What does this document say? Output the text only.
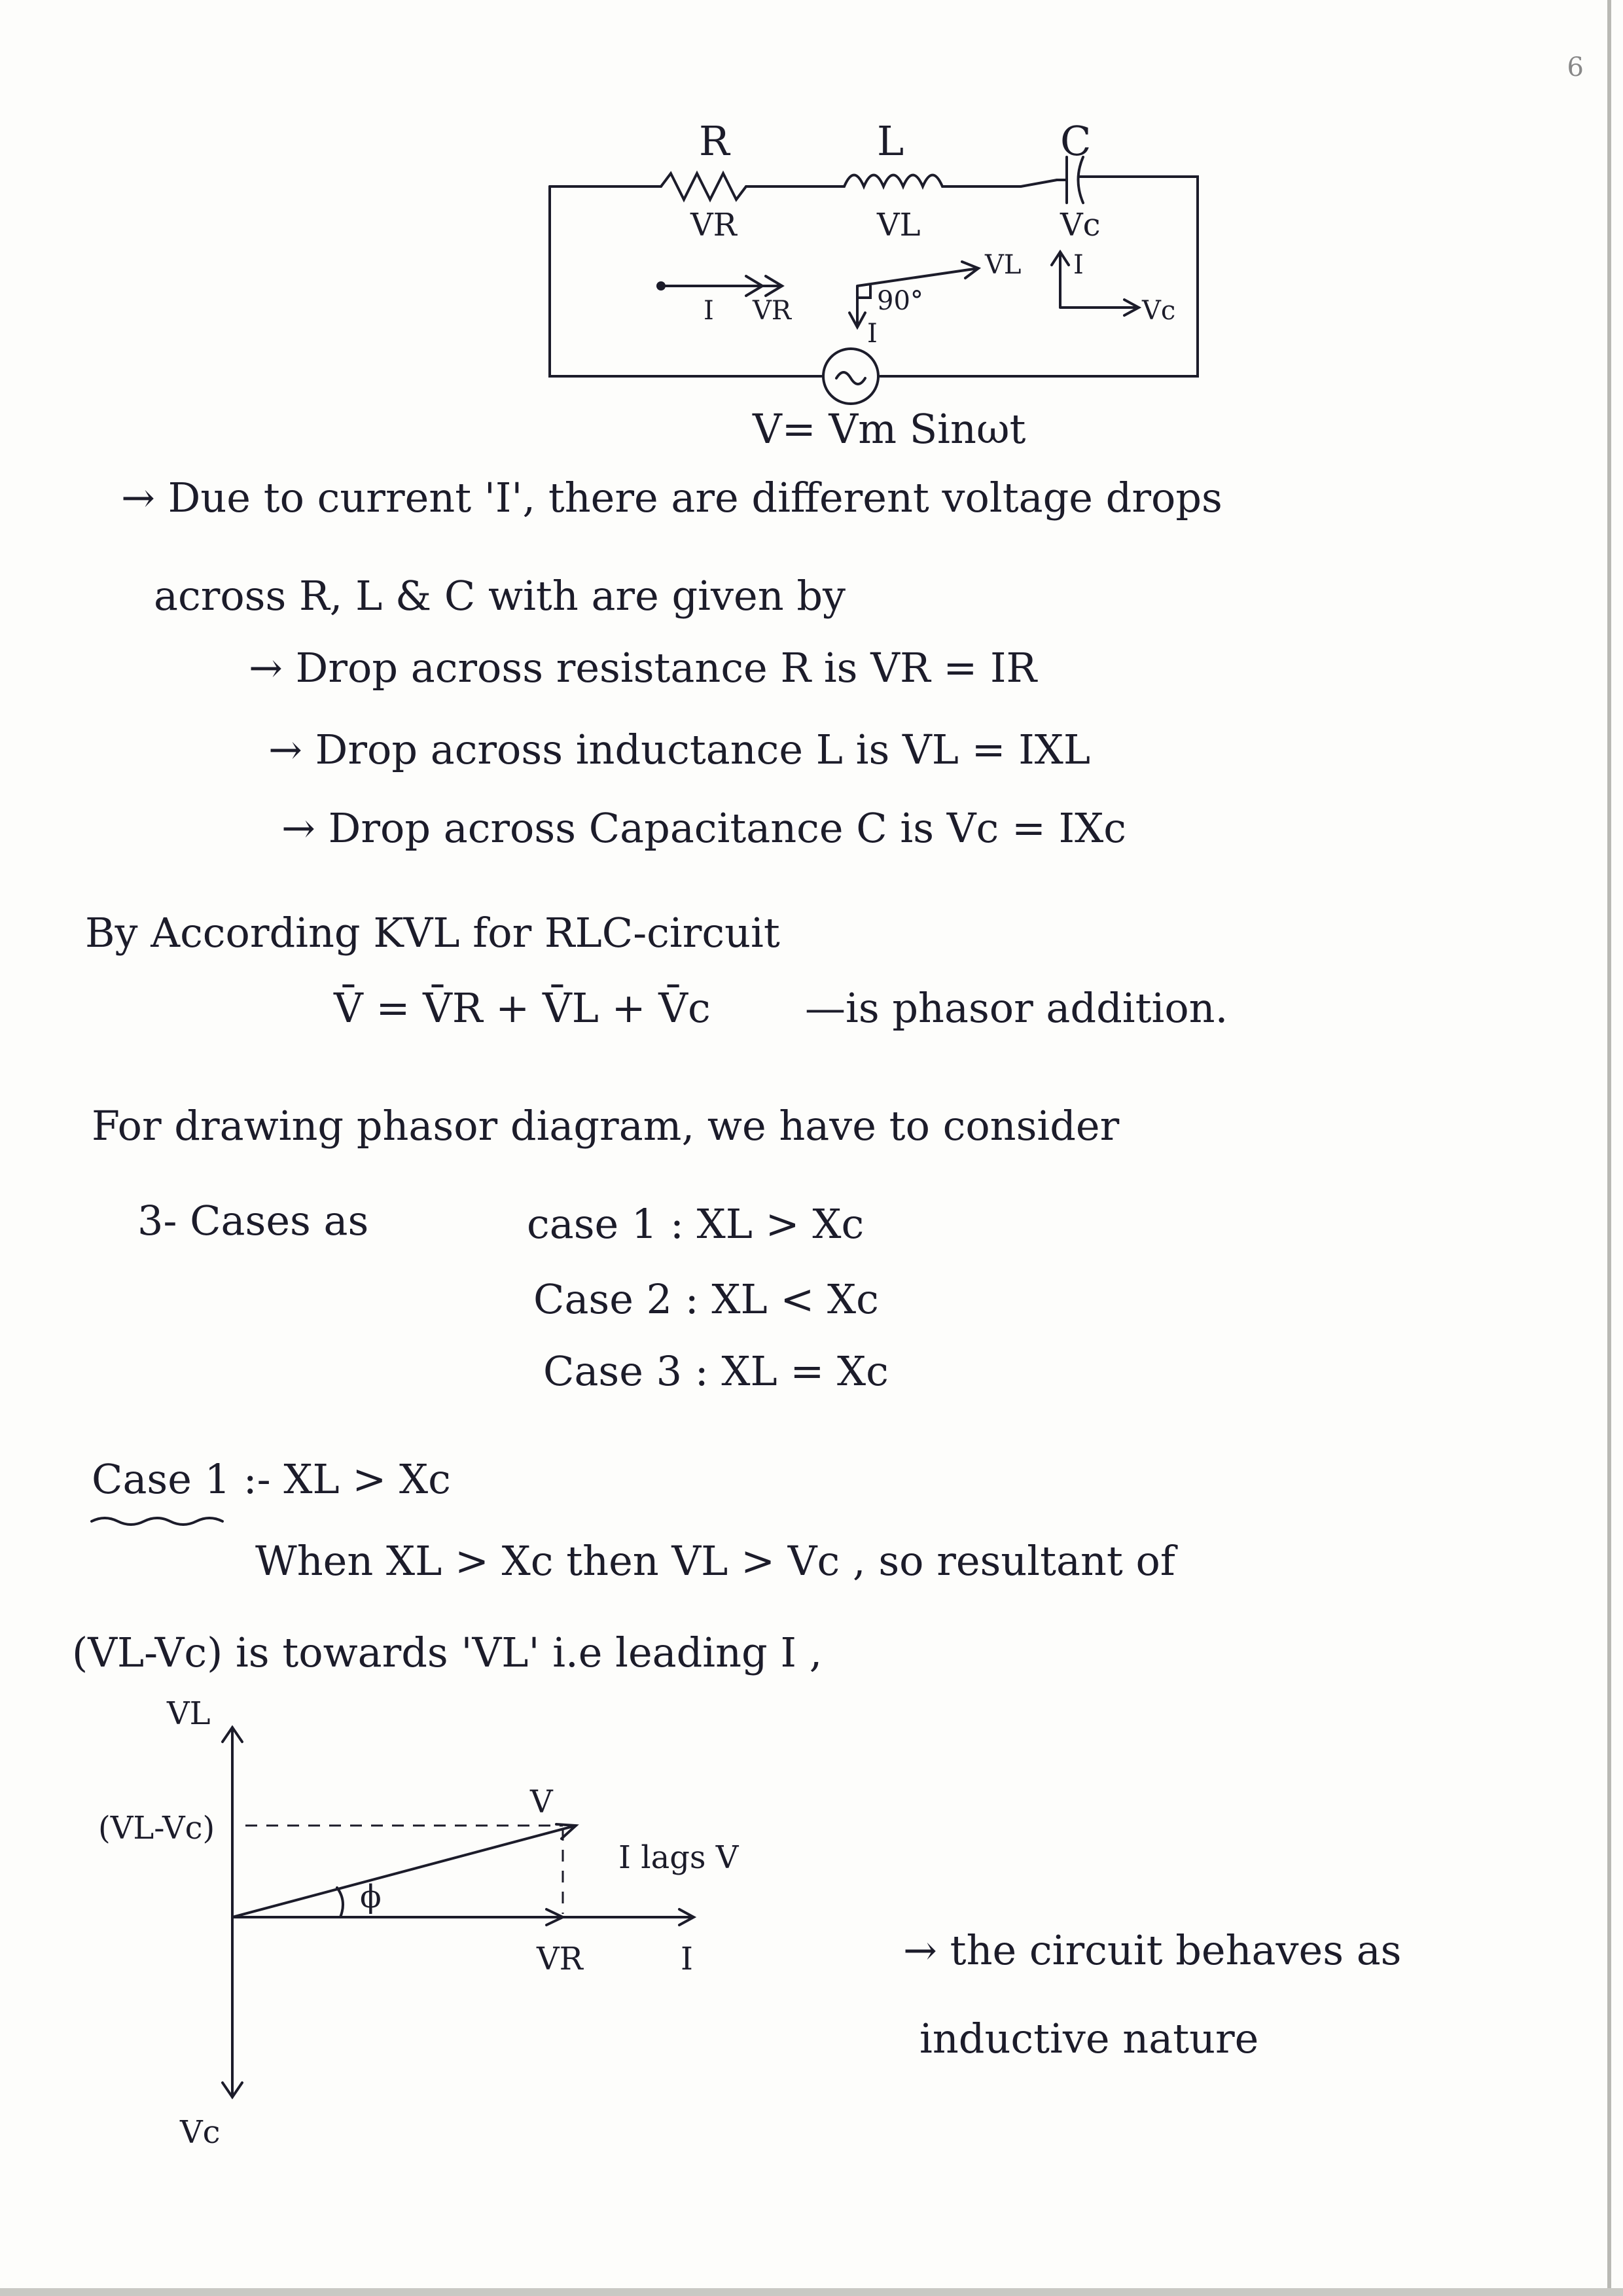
6
R	L	C
VR	VL	Vc
I VR	90°
VL
I
I
Vc
V= Vm Sinωt
→ Due to current 'I', there are different voltage drops
across R, L & C with are given by
→ Drop across resistance R is VR = IR
→ Drop across inductance L is VL = IXL
→ Drop across Capacitance C is Vc = IXc
By According KVL for RLC-circuit
V̄ = V̄R + V̄L + V̄c —is phasor addition.
For drawing phasor diagram, we have to consider
3- Cases as	case 1 : XL > Xc
Case 2 : XL < Xc
Case 3 : XL = Xc
Case 1 :- XL > Xc
When XL > Xc then VL > Vc , so resultant of
(VL-Vc) is towards 'VL' i.e leading I ,
VL
Vc
(VL-Vc)
V
ϕ
VR	I
I lags V
→ the circuit behaves as
inductive nature
